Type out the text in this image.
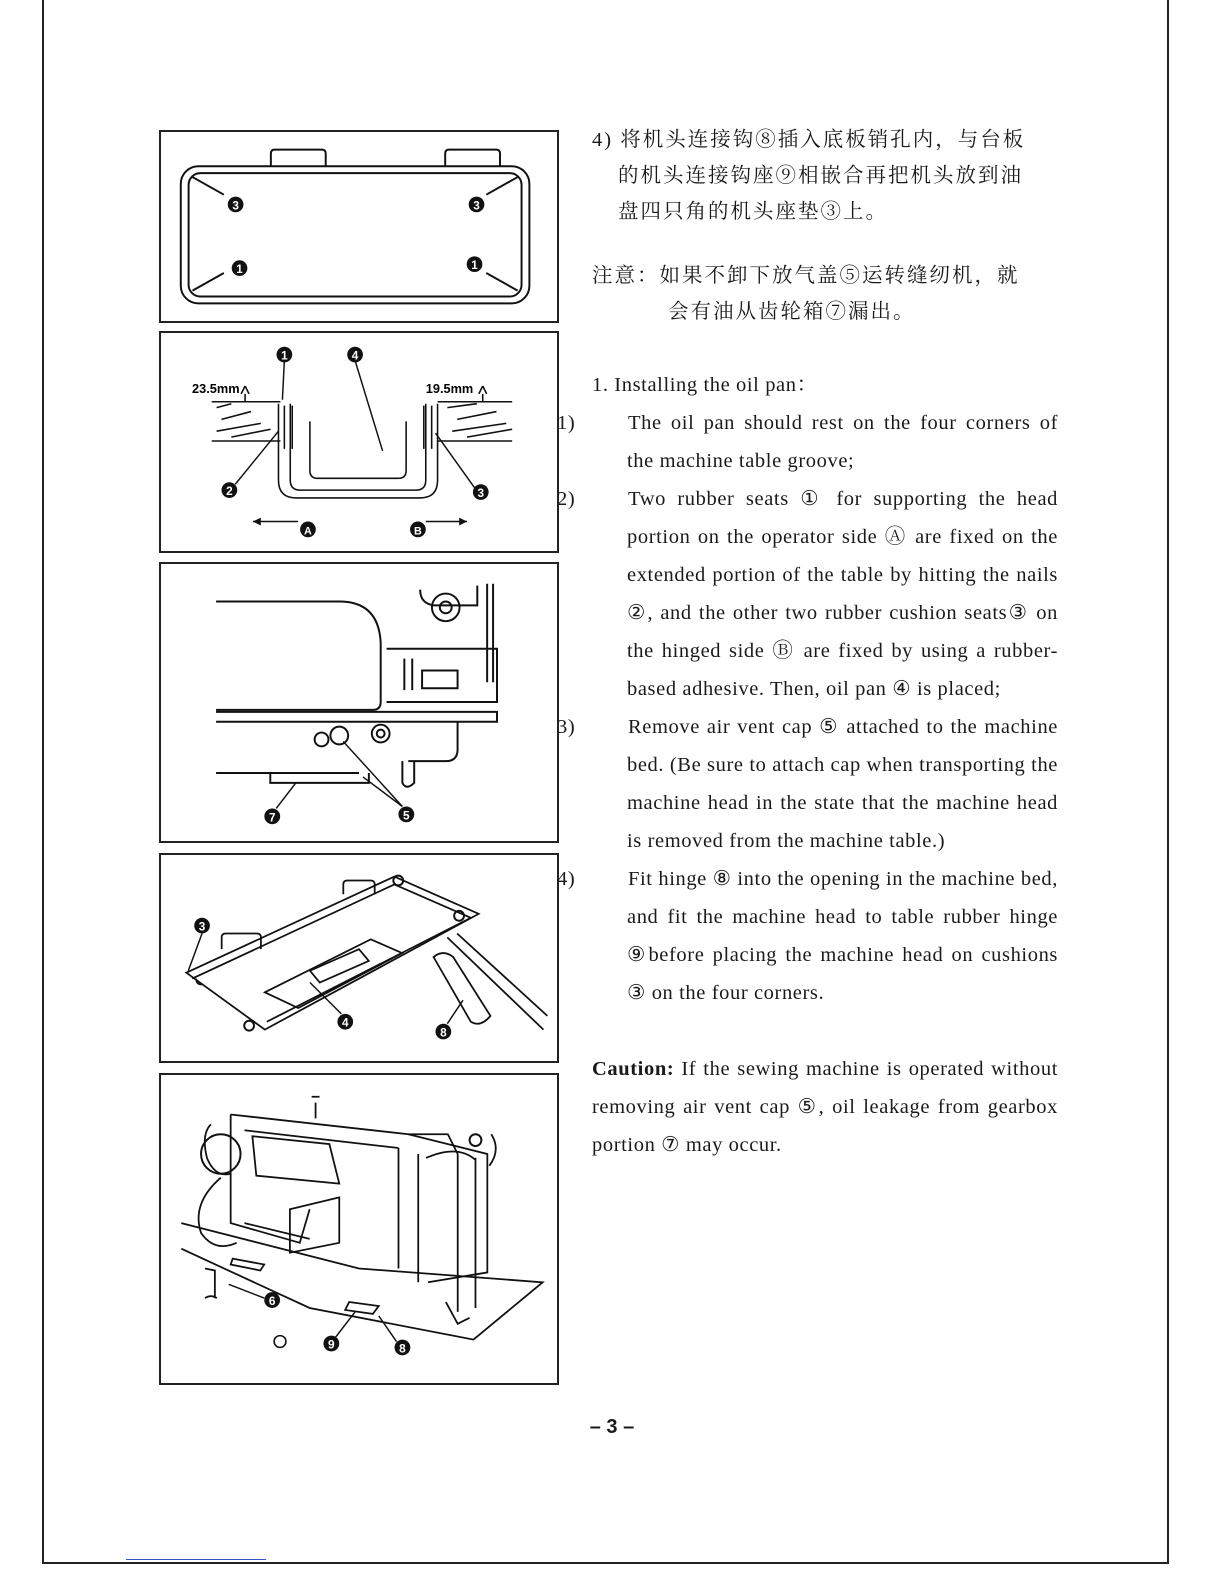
3	3
1	1
23.5mm	19.5mm
1	4
2	3
A	B
7	5
3
4
8
6
9	8

4) 将机头连接钩⑧插入底板销孔内，与台板

的机头连接钩座⑨相嵌合再把机头放到油
盘四只角的机头座垫③上。

注意：如果不卸下放气盖⑤运转缝纫机，就

会有油从齿轮箱⑦漏出。

1. Installing the oil pan：

1)	The oil pan should rest on the four corners of the machine table groove;

2)	Two rubber seats ① for supporting the head portion on the operator side Ⓐ are fixed on the extended portion of the table by hitting the nails ②, and the other two rubber cushion seats③ on the hinged side Ⓑ are fixed by using a rubber-based adhesive. Then, oil pan ④ is placed;

3)	Remove air vent cap ⑤ attached to the machine bed. (Be sure to attach cap when transporting the machine head in the state that the machine head is removed from the machine table.)

4)	Fit hinge ⑧ into the opening in the machine bed, and fit the machine head to table rubber hinge ⑨before placing the machine head on cushions ③ on the four corners.

Caution: If the sewing machine is operated without removing air vent cap ⑤, oil leakage from gearbox portion ⑦ may occur.

– 3 –
